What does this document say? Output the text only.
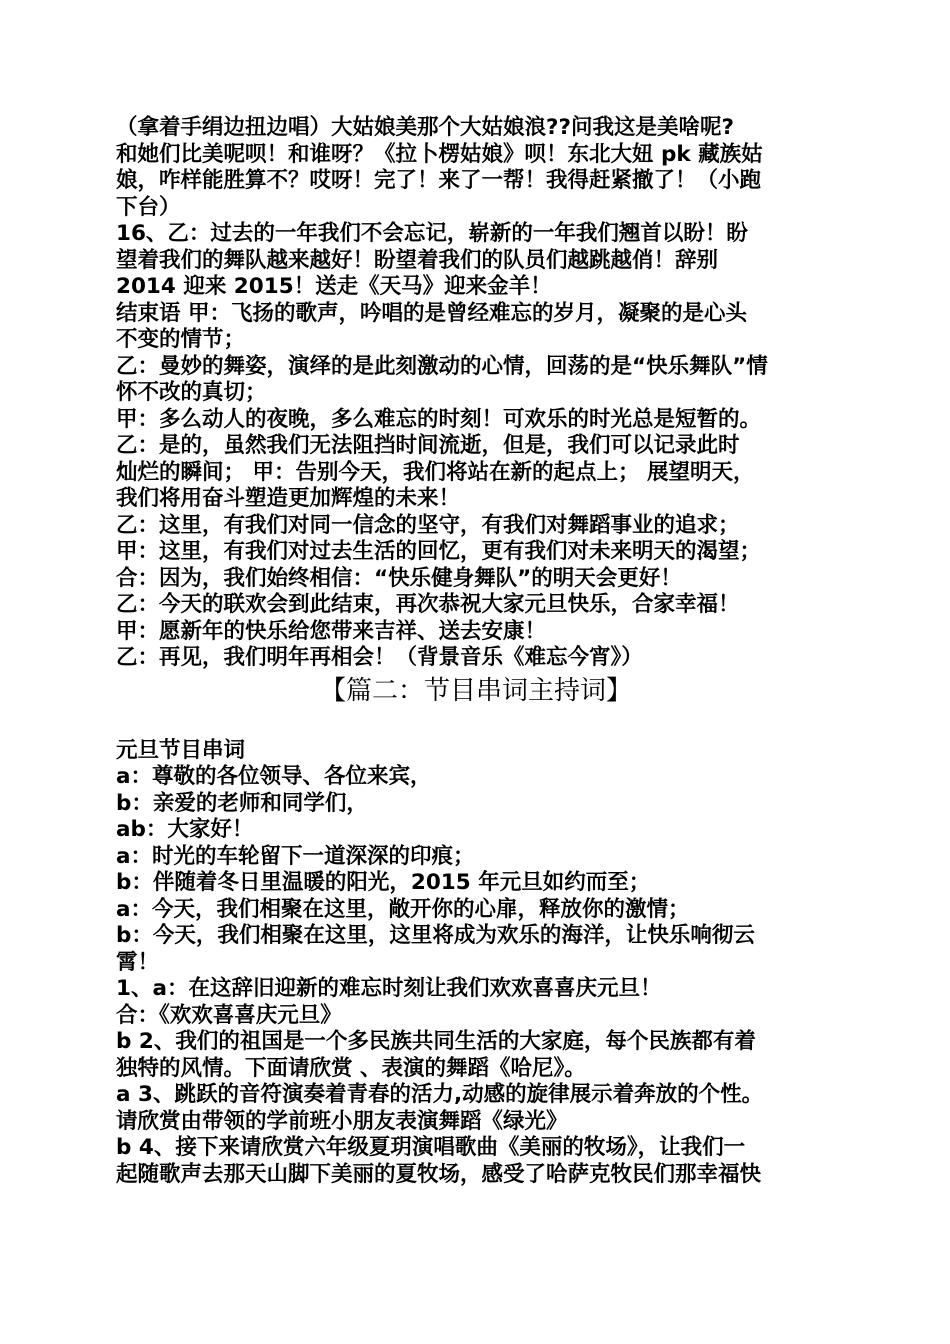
（拿着手绢边扭边唱）大姑娘美那个大姑娘浪??问我这是美啥呢?
和她们比美呢呗！和谁呀？《拉卜楞姑娘》呗！东北大妞 pk 藏族姑
娘，咋样能胜算不？哎呀！完了！来了一帮！我得赶紧撤了！（小跑
下台）
16、乙：过去的一年我们不会忘记，崭新的一年我们翘首以盼！盼
望着我们的舞队越来越好！盼望着我们的队员们越跳越俏！辞别
2014 迎来 2015！送走《天马》迎来金羊！
结束语 甲：飞扬的歌声，吟唱的是曾经难忘的岁月，凝聚的是心头
不变的情节；
乙：曼妙的舞姿，演绎的是此刻激动的心情，回荡的是“快乐舞队”情
怀不改的真切；
甲：多么动人的夜晚，多么难忘的时刻！可欢乐的时光总是短暂的。
乙：是的，虽然我们无法阻挡时间流逝，但是，我们可以记录此时
灿烂的瞬间； 甲：告别今天，我们将站在新的起点上； 展望明天，
我们将用奋斗塑造更加辉煌的未来！
乙：这里，有我们对同一信念的坚守，有我们对舞蹈事业的追求；
甲：这里，有我们对过去生活的回忆，更有我们对未来明天的渴望；
合：因为，我们始终相信：“快乐健身舞队”的明天会更好！
乙：今天的联欢会到此结束，再次恭祝大家元旦快乐，合家幸福！
甲：愿新年的快乐给您带来吉祥、送去安康！
乙：再见，我们明年再相会！（背景音乐《难忘今宵》）
【篇二：节目串词主持词】
元旦节目串词
a：尊敬的各位领导、各位来宾，
b：亲爱的老师和同学们，
ab：大家好！
a：时光的车轮留下一道深深的印痕；
b：伴随着冬日里温暖的阳光，2015 年元旦如约而至；
a：今天，我们相聚在这里，敞开你的心扉，释放你的激情；
b：今天，我们相聚在这里，这里将成为欢乐的海洋，让快乐响彻云
霄！
1、a：在这辞旧迎新的难忘时刻让我们欢欢喜喜庆元旦！
合：《欢欢喜喜庆元旦》
b 2、我们的祖国是一个多民族共同生活的大家庭，每个民族都有着
独特的风情。下面请欣赏 、表演的舞蹈《哈尼》。
a 3、跳跃的音符演奏着青春的活力,动感的旋律展示着奔放的个性。
请欣赏由带领的学前班小朋友表演舞蹈《绿光》
b 4、接下来请欣赏六年级夏玥演唱歌曲《美丽的牧场》，让我们一
起随歌声去那天山脚下美丽的夏牧场，感受了哈萨克牧民们那幸福快
